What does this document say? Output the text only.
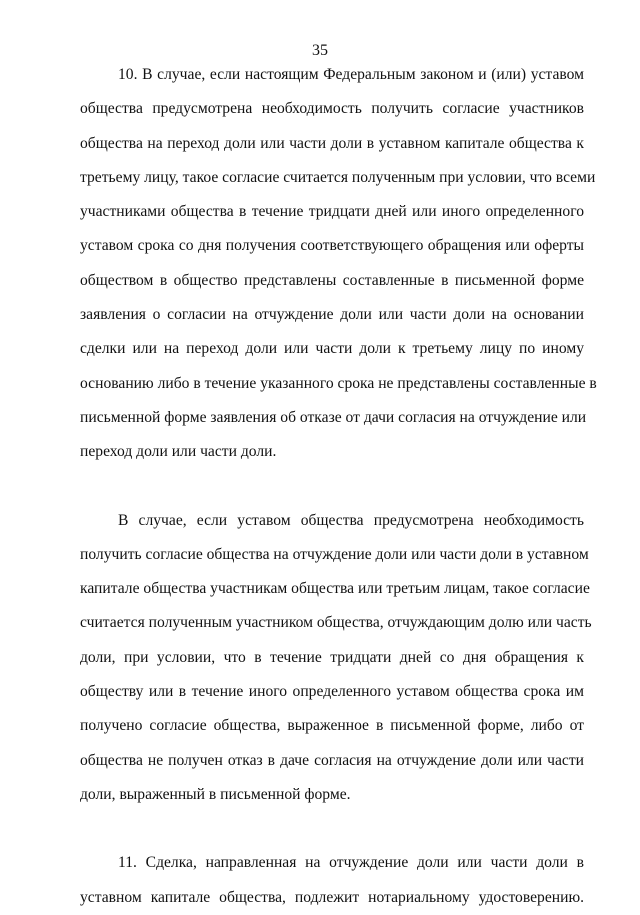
35

10. В случае, если настоящим Федеральным законом и (или) уставом
общества предусмотрена необходимость получить согласие участников
общества на переход доли или части доли в уставном капитале общества к
третьему лицу, такое согласие считается полученным при условии, что всеми
участниками общества в течение тридцати дней или иного определенного
уставом срока со дня получения соответствующего обращения или оферты
обществом в общество представлены составленные в письменной форме
заявления о согласии на отчуждение доли или части доли на основании
сделки или на переход доли или части доли к третьему лицу по иному
основанию либо в течение указанного срока не представлены составленные в
письменной форме заявления об отказе от дачи согласия на отчуждение или
переход доли или части доли.

В случае, если уставом общества предусмотрена необходимость
получить согласие общества на отчуждение доли или части доли в уставном
капитале общества участникам общества или третьим лицам, такое согласие
считается полученным участником общества, отчуждающим долю или часть
доли, при условии, что в течение тридцати дней со дня обращения к
обществу или в течение иного определенного уставом общества срока им
получено согласие общества, выраженное в письменной форме, либо от
общества не получен отказ в даче согласия на отчуждение доли или части
доли, выраженный в письменной форме.

11. Сделка, направленная на отчуждение доли или части доли в
уставном капитале общества, подлежит нотариальному удостоверению.
